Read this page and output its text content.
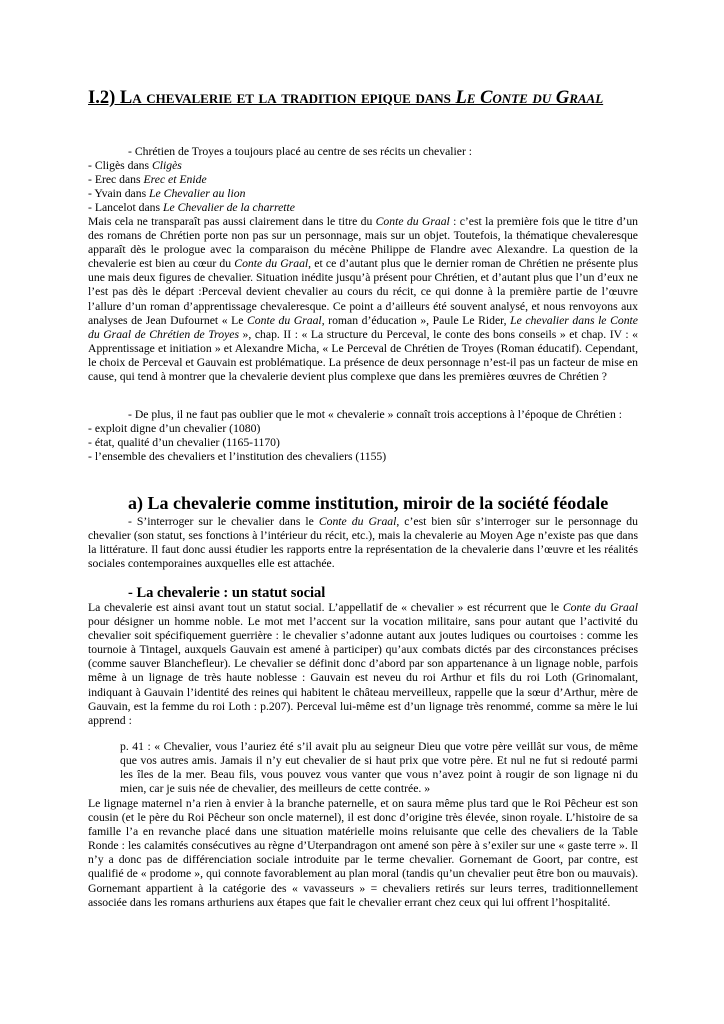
I.2) La chevalerie et la tradition epique dans Le Conte du Graal
- Chrétien de Troyes a toujours placé au centre de ses récits un chevalier :
- Cligès dans Cligès
- Erec dans Erec et Enide
- Yvain dans Le Chevalier au lion
- Lancelot dans Le Chevalier de la charrette

Mais cela ne transparaît pas aussi clairement dans le titre du Conte du Graal : c’est la première fois que le titre d’un des romans de Chrétien porte non pas sur un personnage, mais sur un objet. Toutefois, la thématique chevaleresque apparaît dès le prologue avec la comparaison du mécène Philippe de Flandre avec Alexandre. La question de la chevalerie est bien au cœur du Conte du Graal, et ce d’autant plus que le dernier roman de Chrétien ne présente plus une mais deux figures de chevalier. Situation inédite jusqu’à présent pour Chrétien, et d’autant plus que l’un d’eux ne l’est pas dès le départ :Perceval devient chevalier au cours du récit, ce qui donne à la première partie de l’œuvre l’allure d’un roman d’apprentissage chevaleresque. Ce point a d’ailleurs été souvent analysé, et nous renvoyons aux analyses de Jean Dufournet « Le Conte du Graal, roman d’éducation », Paule Le Rider, Le chevalier dans le Conte du Graal de Chrétien de Troyes », chap. II : « La structure du Perceval, le conte des bons conseils » et chap. IV : « Apprentissage et initiation » et Alexandre Micha, « Le Perceval de Chrétien de Troyes (Roman éducatif). Cependant, le choix de Perceval et Gauvain est problématique. La présence de deux personnage n’est-il pas un facteur de mise en cause, qui tend à montrer que la chevalerie devient plus complexe que dans les premières œuvres de Chrétien ?

- De plus, il ne faut pas oublier que le mot « chevalerie » connaît trois acceptions à l’époque de Chrétien :
- exploit digne d’un chevalier (1080)
- état, qualité d’un chevalier (1165-1170)
- l’ensemble des chevaliers et l’institution des chevaliers (1155)
a) La chevalerie comme institution, miroir de la société féodale

- S’interroger sur le chevalier dans le Conte du Graal, c’est bien sûr s’interroger sur le personnage du chevalier (son statut, ses fonctions à l’intérieur du récit, etc.), mais la chevalerie au Moyen Age n’existe pas que dans la littérature. Il faut donc aussi étudier les rapports entre la représentation de la chevalerie dans l’œuvre et les réalités sociales contemporaines auxquelles elle est attachée.

- La chevalerie : un statut social

La chevalerie est ainsi avant tout un statut social. L’appellatif de « chevalier » est récurrent que le Conte du Graal pour désigner un homme noble. Le mot met l’accent sur la vocation militaire, sans pour autant que l’activité du chevalier soit spécifiquement guerrière : le chevalier s’adonne autant aux joutes ludiques ou courtoises : comme les tournoie à Tintagel, auxquels Gauvain est amené à participer) qu’aux combats dictés par des circonstances précises (comme sauver Blanchefleur). Le chevalier se définit donc d’abord par son appartenance à un lignage noble, parfois même à un lignage de très haute noblesse : Gauvain est neveu du roi Arthur et fils du roi Loth (Grinomalant, indiquant à Gauvain l’identité des reines qui habitent le château merveilleux, rappelle que la sœur d’Arthur, mère de Gauvain, est la femme du roi Loth : p.207). Perceval lui-même est d’un lignage très renommé, comme sa mère le lui apprend :

p. 41 : « Chevalier, vous l’auriez été s’il avait plu au seigneur Dieu que votre père veillât sur vous, de même que vos autres amis. Jamais il n’y eut chevalier de si haut prix que votre père. Et nul ne fut si redouté parmi les îles de la mer. Beau fils, vous pouvez vous vanter que vous n’avez point à rougir de son lignage ni du mien, car je suis née de chevalier, des meilleurs de cette contrée. »

Le lignage maternel n’a rien à envier à la branche paternelle, et on saura même plus tard que le Roi Pêcheur est son cousin (et le père du Roi Pêcheur son oncle maternel), il est donc d’origine très élevée, sinon royale. L’histoire de sa famille l’a en revanche placé dans une situation matérielle moins reluisante que celle des chevaliers de la Table Ronde : les calamités consécutives au règne d’Uterpandragon ont amené son père à s’exiler sur une « gaste terre ». Il n’y a donc pas de différenciation sociale introduite par le terme chevalier. Gornemant de Goort, par contre, est qualifié de « prodome », qui connote favorablement au plan moral (tandis qu’un chevalier peut être bon ou mauvais). Gornemant appartient à la catégorie des « vavasseurs » = chevaliers retirés sur leurs terres, traditionnellement associée dans les romans arthuriens aux étapes que fait le chevalier errant chez ceux qui lui offrent l’hospitalité.
